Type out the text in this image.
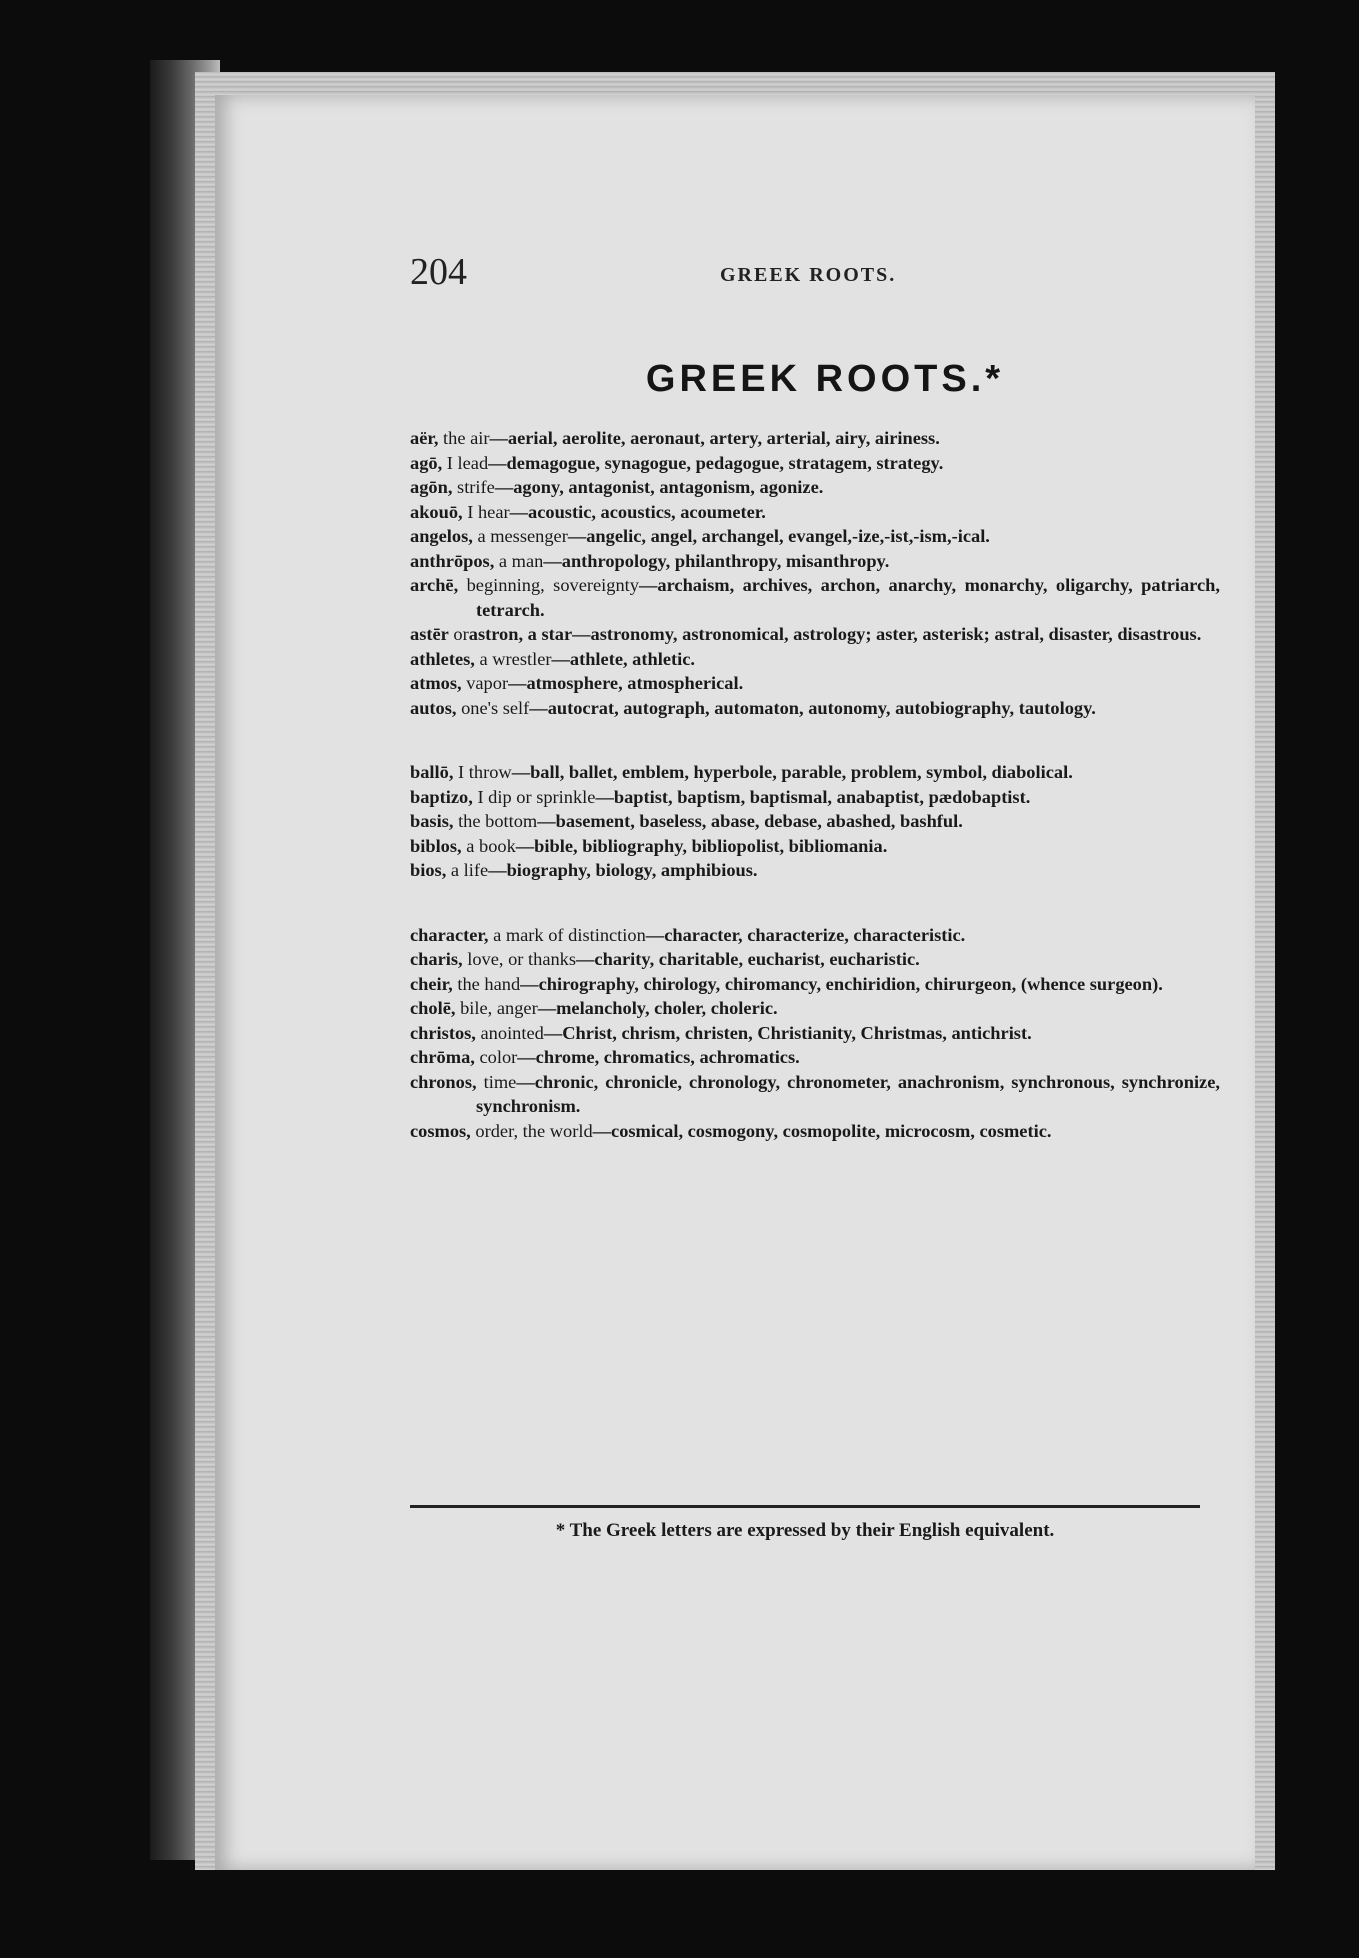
204	GREEK ROOTS.
GREEK ROOTS.*
aër, the air—aerial, aerolite, aeronaut, artery, arterial, airy, airiness.
agō, I lead—demagogue, synagogue, pedagogue, stratagem, strategy.
agōn, strife—agony, antagonist, antagonism, agonize.
akouō, I hear—acoustic, acoustics, acoumeter.
angelos, a messenger—angelic, angel, archangel, evangel,-ize,-ist,-ism,-ical.
anthrōpos, a man—anthropology, philanthropy, misanthropy.
archē, beginning, sovereignty—archaism, archives, archon, anarchy, monarchy, oligarchy, patriarch, tetrarch.
astēr orastron, a star—astronomy, astronomical, astrology; aster, asterisk; astral, disaster, disastrous.
athletes, a wrestler—athlete, athletic.
atmos, vapor—atmosphere, atmospherical.
autos, one's self—autocrat, autograph, automaton, autonomy, autobiography, tautology.
ballō, I throw—ball, ballet, emblem, hyperbole, parable, problem, symbol, diabolical.
baptizo, I dip or sprinkle—baptist, baptism, baptismal, anabaptist, pædobaptist.
basis, the bottom—basement, baseless, abase, debase, abashed, bashful.
biblos, a book—bible, bibliography, bibliopolist, bibliomania.
bios, a life—biography, biology, amphibious.
character, a mark of distinction—character, characterize, characteristic.
charis, love, or thanks—charity, charitable, eucharist, eucharistic.
cheir, the hand—chirography, chirology, chiromancy, enchiridion, chirurgeon, (whence surgeon).
cholē, bile, anger—melancholy, choler, choleric.
christos, anointed—Christ, chrism, christen, Christianity, Christmas, antichrist.
chrōma, color—chrome, chromatics, achromatics.
chronos, time—chronic, chronicle, chronology, chronometer, anachronism, synchronous, synchronize, synchronism.
cosmos, order, the world—cosmical, cosmogony, cosmopolite, microcosm, cosmetic.
* The Greek letters are expressed by their English equivalent.
